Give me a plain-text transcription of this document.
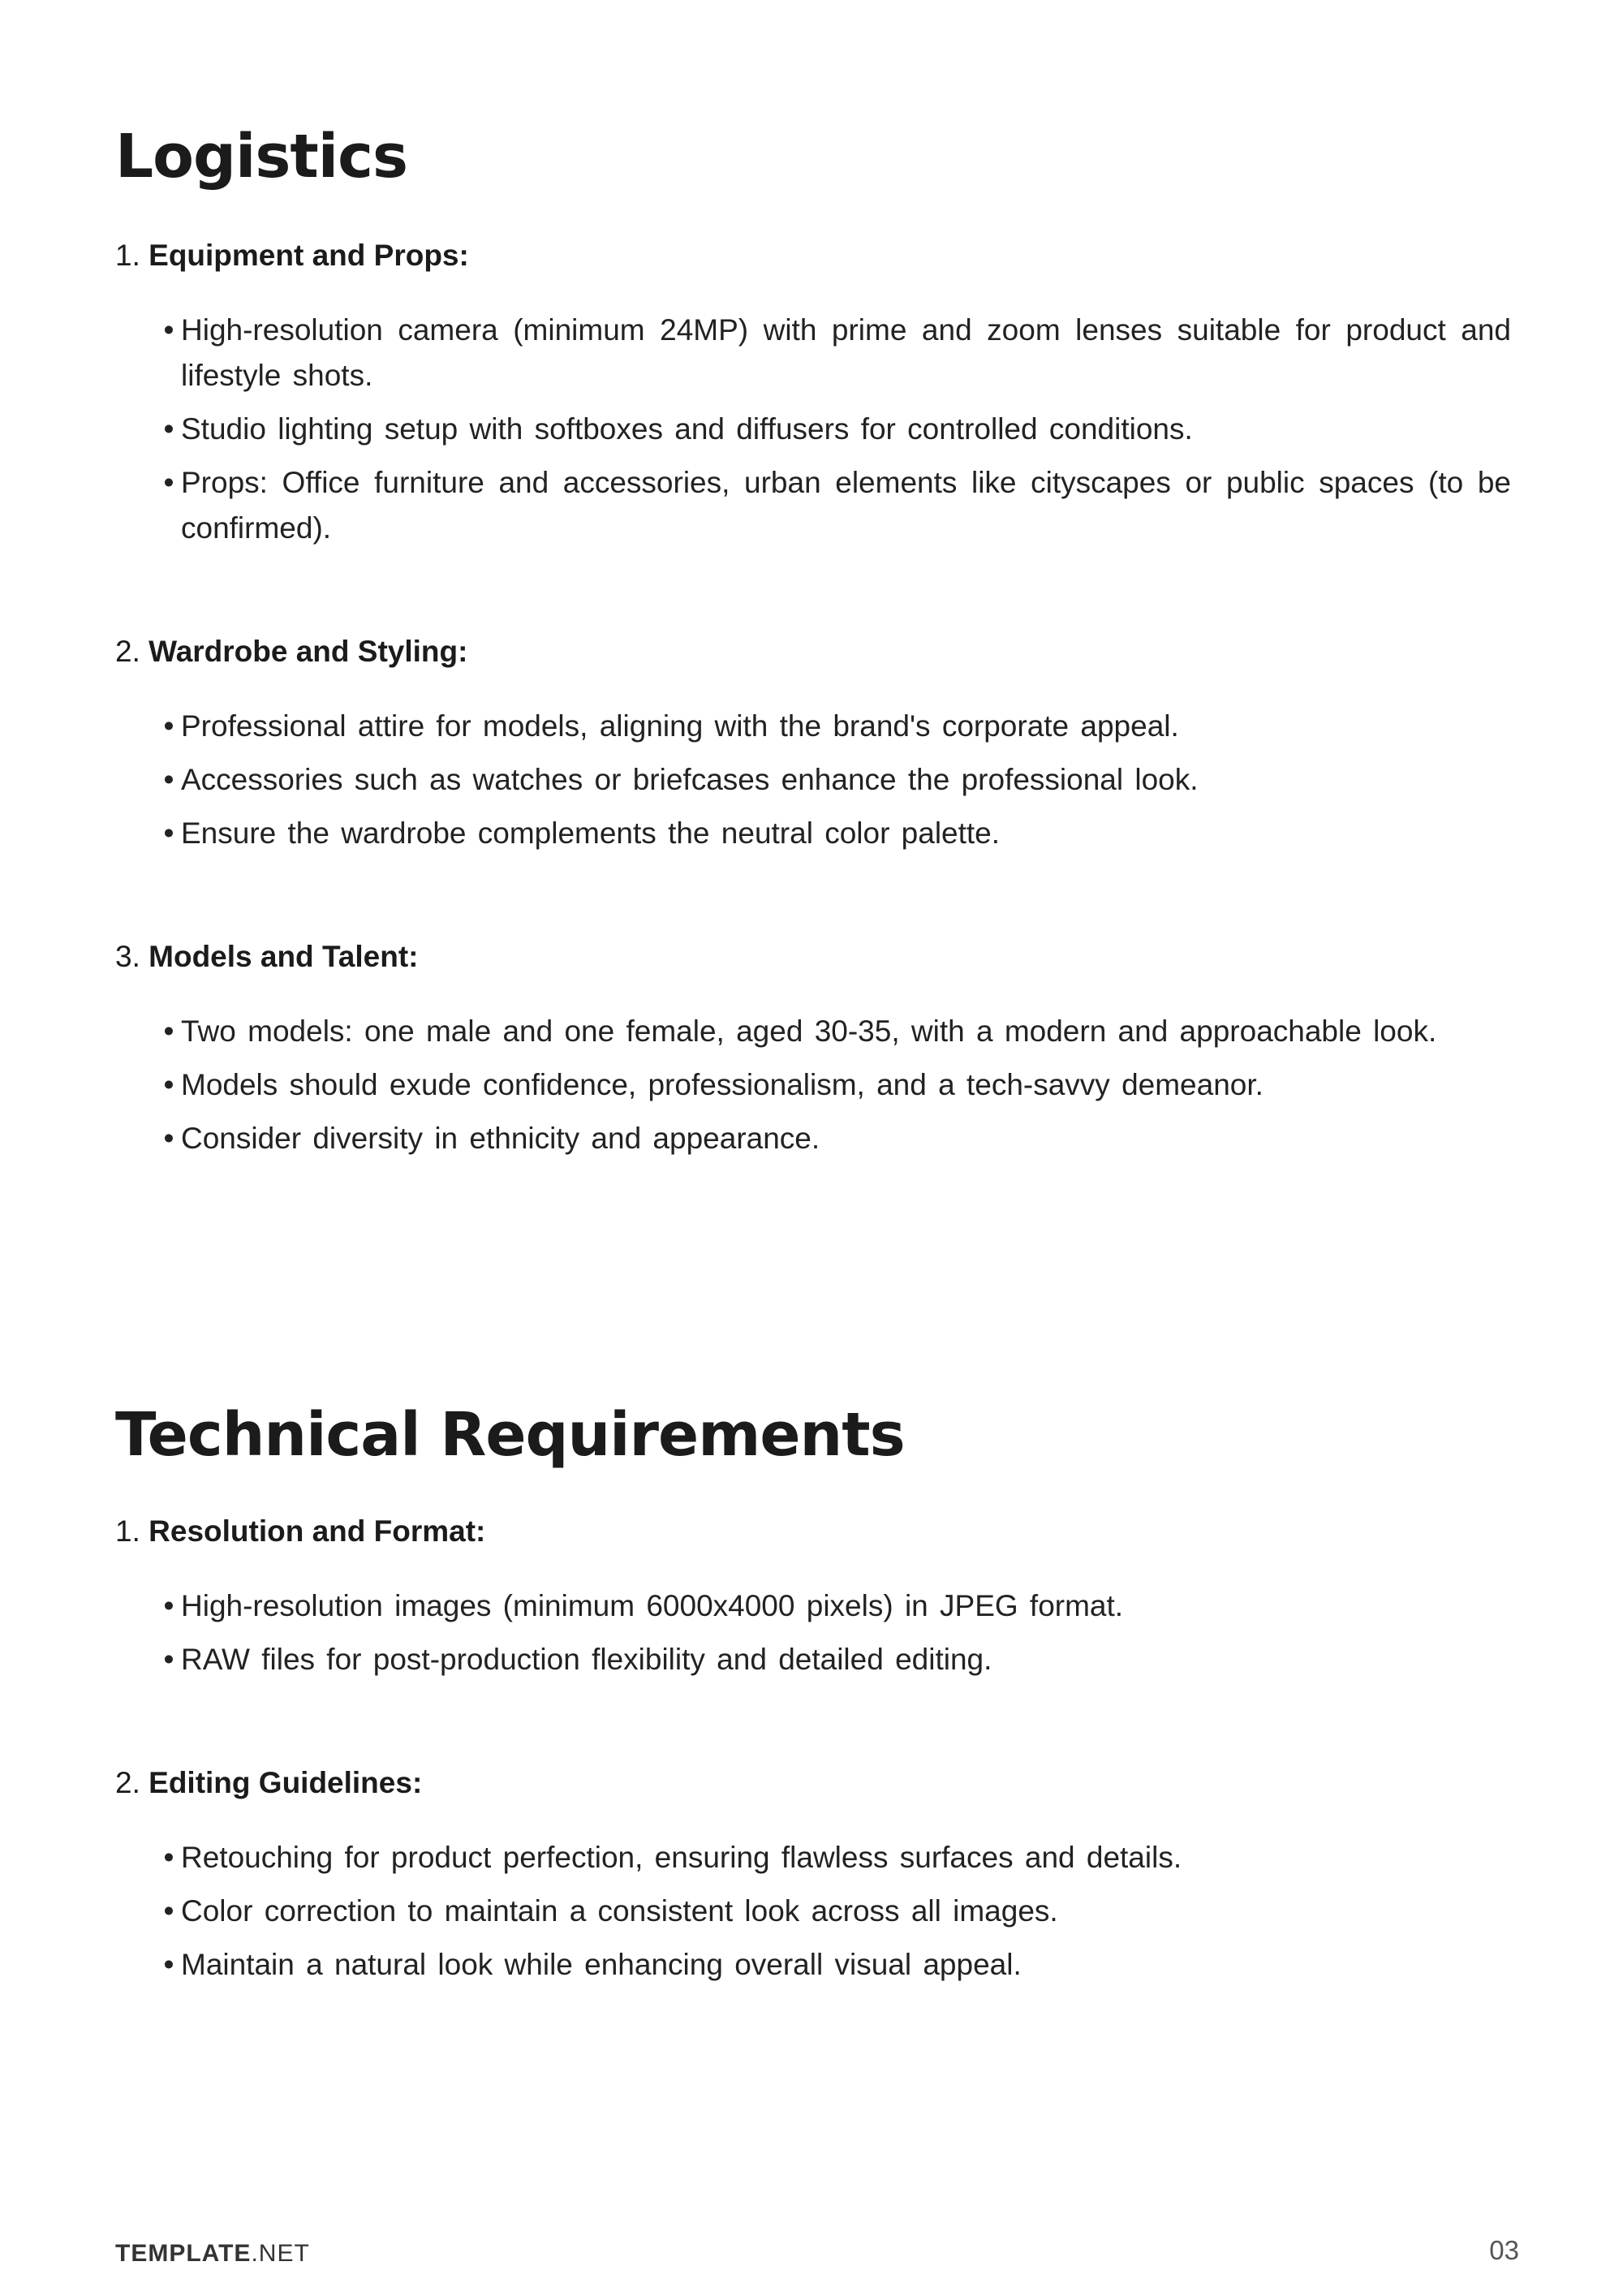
Logistics
1. Equipment and Props:
• High-resolution camera (minimum 24MP) with prime and zoom lenses suitable for product and lifestyle shots.
• Studio lighting setup with softboxes and diffusers for controlled conditions.
• Props: Office furniture and accessories, urban elements like cityscapes or public spaces (to be confirmed).
2. Wardrobe and Styling:
• Professional attire for models, aligning with the brand's corporate appeal.
• Accessories such as watches or briefcases enhance the professional look.
• Ensure the wardrobe complements the neutral color palette.
3. Models and Talent:
• Two models: one male and one female, aged 30-35, with a modern and approachable look.
• Models should exude confidence, professionalism, and a tech-savvy demeanor.
• Consider diversity in ethnicity and appearance.
Technical Requirements
1. Resolution and Format:
• High-resolution images (minimum 6000x4000 pixels) in JPEG format.
• RAW files for post-production flexibility and detailed editing.
2. Editing Guidelines:
• Retouching for product perfection, ensuring flawless surfaces and details.
• Color correction to maintain a consistent look across all images.
• Maintain a natural look while enhancing overall visual appeal.
TEMPLATE.NET	03
